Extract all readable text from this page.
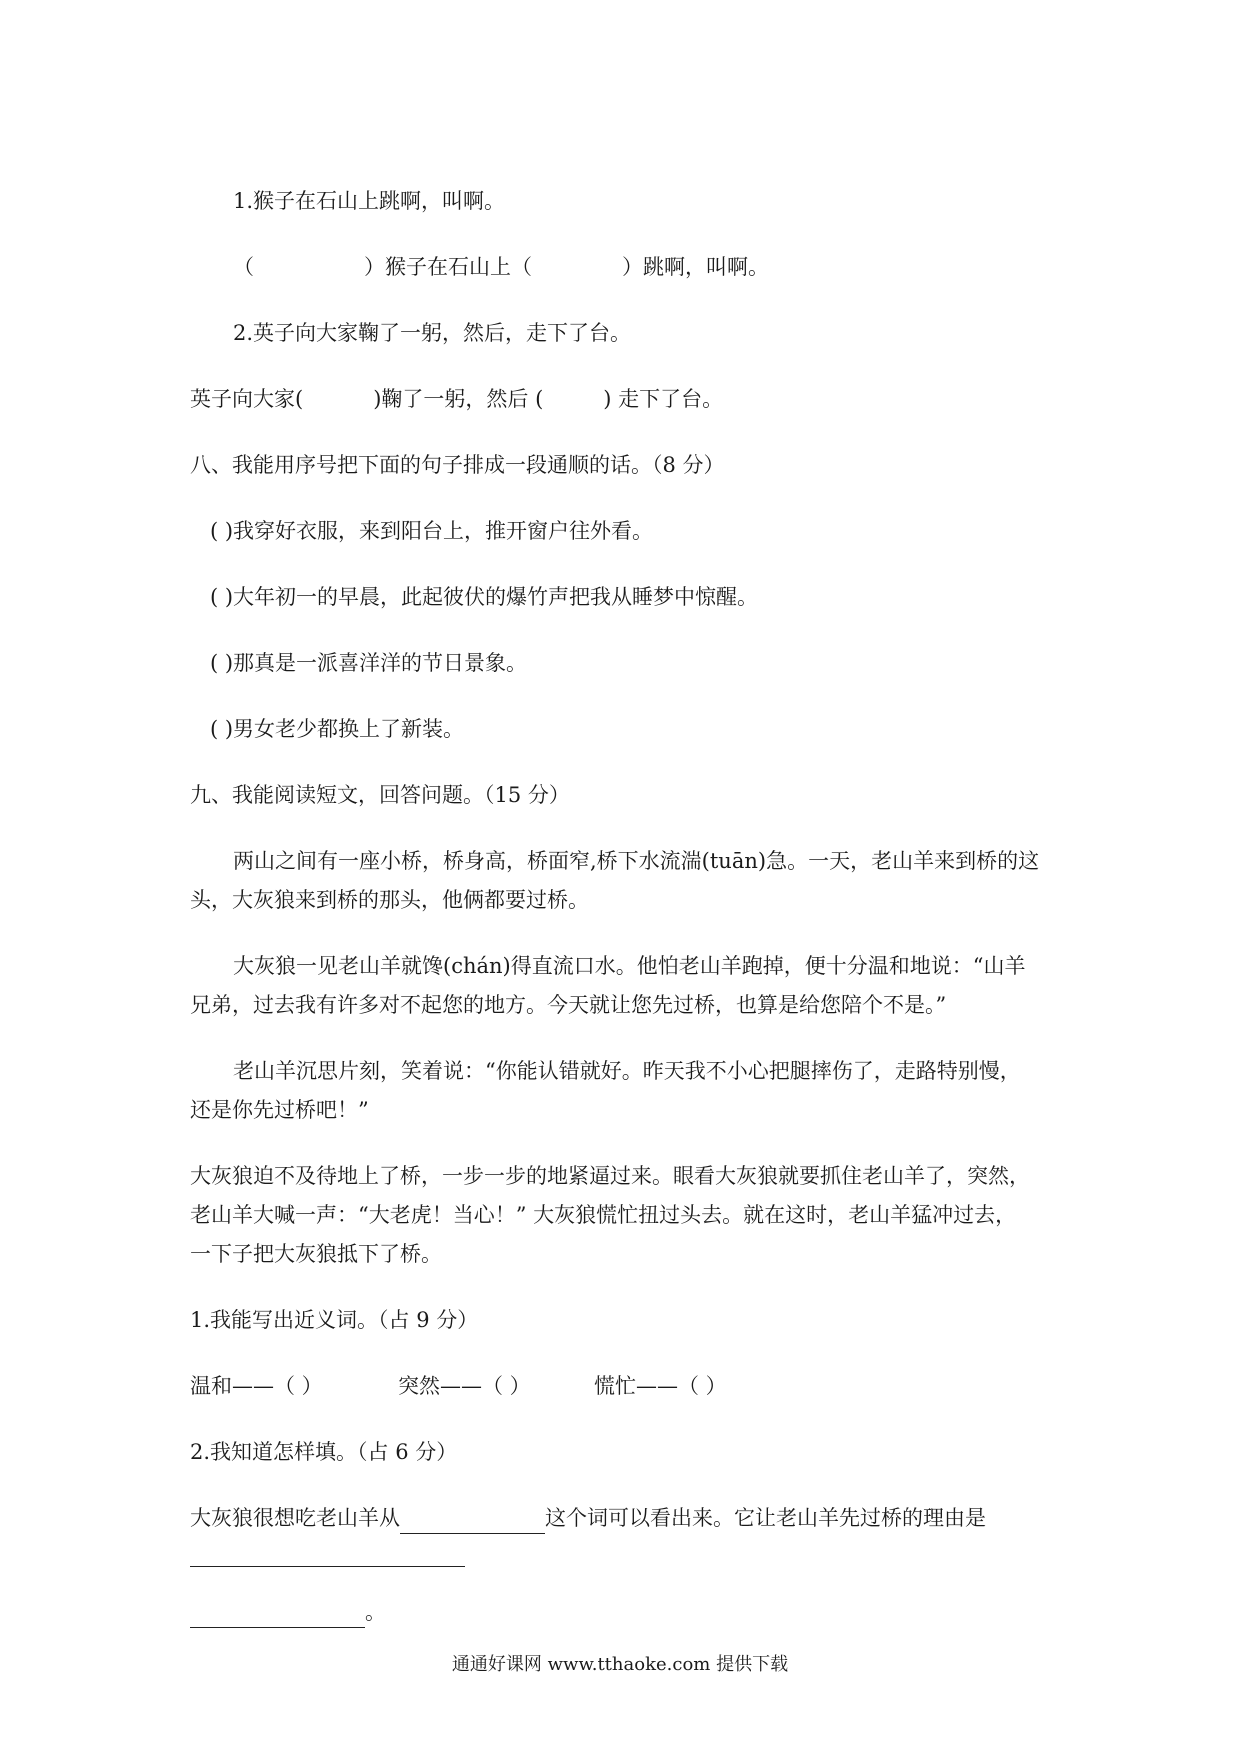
1.猴子在石山上跳啊，叫啊。
（	）猴子在石山上（	）跳啊，叫啊。
2.英子向大家鞠了一躬，然后，走下了台。
英子向大家(	)鞠了一躬，然后 (	) 走下了台。
八、我能用序号把下面的句子排成一段通顺的话。（8 分）
( )我穿好衣服，来到阳台上，推开窗户往外看。
( )大年初一的早晨，此起彼伏的爆竹声把我从睡梦中惊醒。
( )那真是一派喜洋洋的节日景象。
( )男女老少都换上了新装。
九、我能阅读短文，回答问题。（15 分）
两山之间有一座小桥，桥身高，桥面窄,桥下水流湍(tuān)急。一天，老山羊来到桥的这
头，大灰狼来到桥的那头，他俩都要过桥。
大灰狼一见老山羊就馋(chán)得直流口水。他怕老山羊跑掉，便十分温和地说：“山羊
兄弟，过去我有许多对不起您的地方。今天就让您先过桥，也算是给您陪个不是。”
老山羊沉思片刻，笑着说：“你能认错就好。昨天我不小心把腿摔伤了，走路特别慢，
还是你先过桥吧！”
大灰狼迫不及待地上了桥，一步一步的地紧逼过来。眼看大灰狼就要抓住老山羊了，突然，
老山羊大喊一声：“大老虎！当心！” 大灰狼慌忙扭过头去。就在这时，老山羊猛冲过去，
一下子把大灰狼抵下了桥。
1.我能写出近义词。（占 9 分）
温和——（ ）	突然——（ ）	慌忙——（ ）
2.我知道怎样填。（占 6 分）
大灰狼很想吃老山羊从	这个词可以看出来。它让老山羊先过桥的理由是
。
通通好课网 www.tthaoke.com 提供下载
